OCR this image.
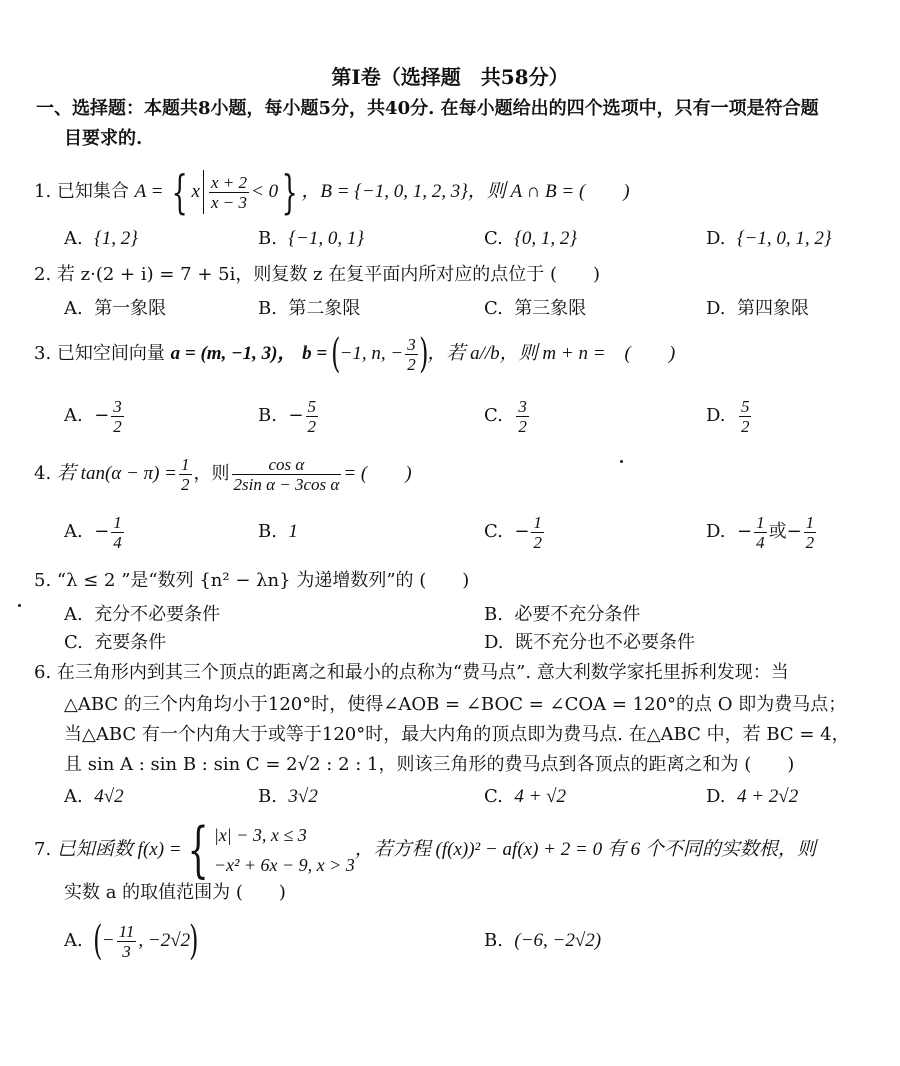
第Ⅰ卷（选择题　共58分）
一、选择题：本题共8小题，每小题5分，共40分. 在每小题给出的四个选项中，只有一项是符合题
目要求的.
1. 已知集合 A = { x $\frac{x + 2}{x - 3} < 0$} ，B = {−1, 0, 1, 2, 3}，则 A ∩ B = (　　)
A. {1, 2}	B. {−1, 0, 1}	C. {0, 1, 2}	D. {−1, 0, 1, 2}
2. 若 z·(2 + i) = 7 + 5i，则复数 z 在复平面内所对应的点位于 (　　)
A. 第一象限	B. 第二象限	C. 第三象限	D. 第四象限
3. 已知空间向量 a = (m, −1, 3)， b = (−1, n, − $\frac{3}{2}$ )，若 a//b，则 m + n =　(　　)
A. − $\frac{3}{2}$	B. − $\frac{5}{2}$	C. $\frac{3}{2}$	D. $\frac{5}{2}$
4. 若 $\tan(\alpha - \pi) = \frac{1}{2}$ ，则 $\frac{\text{cos α}}{\text{2sin α − 3cos α}}$ = (　　)
A. − $\frac{1}{4}$	B. 1	C. − $\frac{1}{2}$	D. − $\frac{1}{4}$ 或− $\frac{1}{2}$
5. “λ ≤ 2 ”是“数列 {n² − λn} 为递增数列”的 (　　)
A. 充分不必要条件	B. 必要不充分条件
C. 充要条件	D. 既不充分也不必要条件
6. 在三角形内到其三个顶点的距离之和最小的点称为“费马点”. 意大利数学家托里拆利发现：当
△ABC 的三个内角均小于120°时，使得∠AOB = ∠BOC = ∠COA = 120°的点 O 即为费马点；
当△ABC 有一个内角大于或等于120°时，最大内角的顶点即为费马点. 在△ABC 中，若 BC = 4，
且 sin A : sin B : sin C = 2√2 : 2 : 1，则该三角形的费马点到各顶点的距离之和为 (　　)
A. 4√2	B. 3√2	C. 4 + √2	D. 4 + 2√2
7. 已知函数 f(x) ={ |x| − 3, x ≤ 3
−x² + 6x − 9, x > 3
，若方程 (f(x))² − af(x) + 2 = 0 有 6 个不同的实数根，则
实数 a 的取值范围为 (　　)
A. (− $\frac{11}{3}$ , −2√2)	B. (−6, −2√2)
